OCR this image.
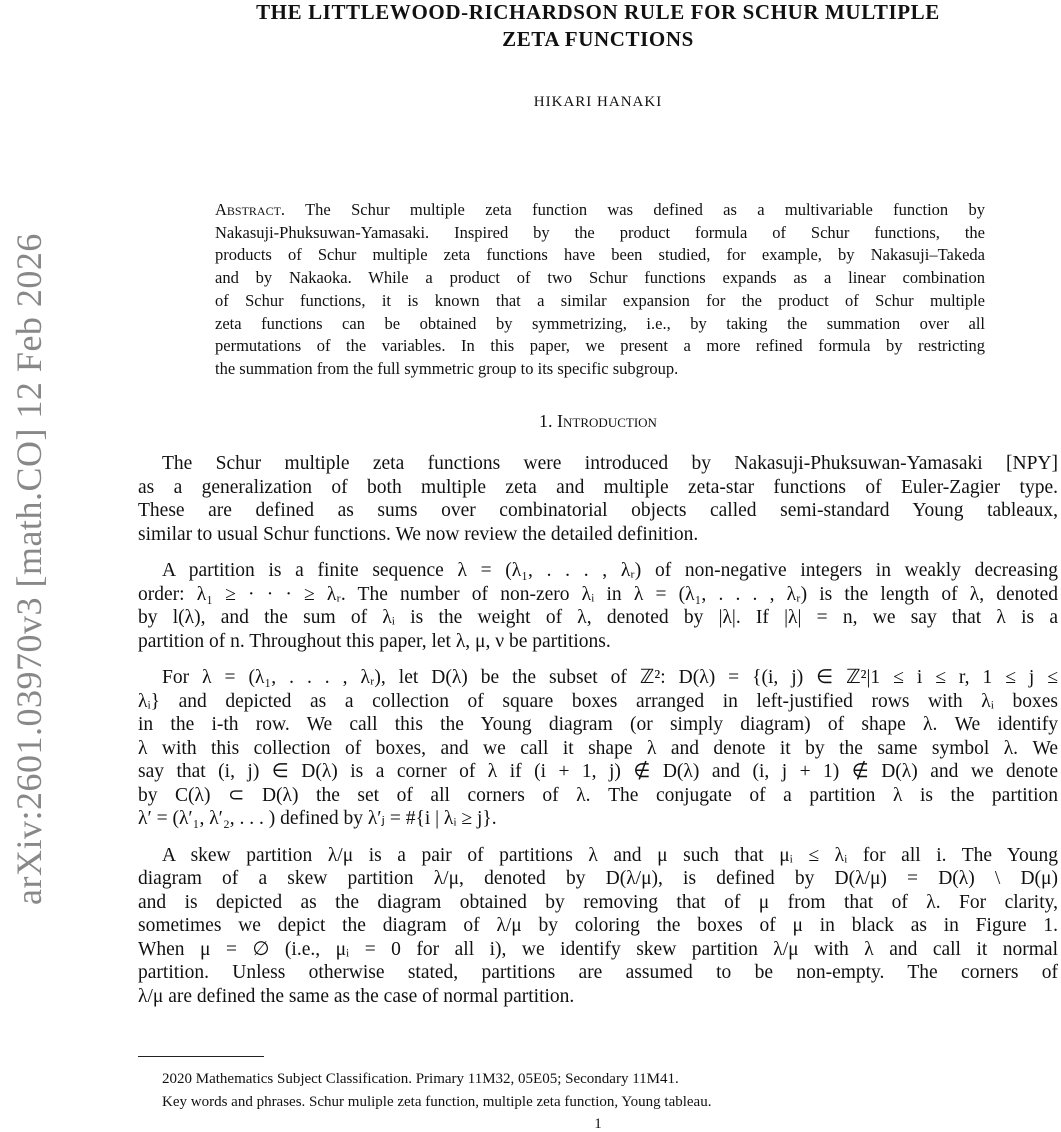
arXiv:2601.03970v3 [math.CO] 12 Feb 2026
THE LITTLEWOOD-RICHARDSON RULE FOR SCHUR MULTIPLE
ZETA FUNCTIONS
HIKARI HANAKI
Abstract. The Schur multiple zeta function was defined as a multivariable function by
Nakasuji-Phuksuwan-Yamasaki. Inspired by the product formula of Schur functions, the
products of Schur multiple zeta functions have been studied, for example, by Nakasuji–Takeda
and by Nakaoka. While a product of two Schur functions expands as a linear combination
of Schur functions, it is known that a similar expansion for the product of Schur multiple
zeta functions can be obtained by symmetrizing, i.e., by taking the summation over all
permutations of the variables. In this paper, we present a more refined formula by restricting
the summation from the full symmetric group to its specific subgroup.
1. Introduction
The Schur multiple zeta functions were introduced by Nakasuji-Phuksuwan-Yamasaki [NPY]
as a generalization of both multiple zeta and multiple zeta-star functions of Euler-Zagier type.
These are defined as sums over combinatorial objects called semi-standard Young tableaux,
similar to usual Schur functions. We now review the detailed definition.
A partition is a finite sequence λ = (λ₁, . . . , λᵣ) of non-negative integers in weakly decreasing
order: λ₁ ≥ · · · ≥ λᵣ. The number of non-zero λᵢ in λ = (λ₁, . . . , λᵣ) is the length of λ, denoted
by l(λ), and the sum of λᵢ is the weight of λ, denoted by |λ|. If |λ| = n, we say that λ is a
partition of n. Throughout this paper, let λ, μ, ν be partitions.
For λ = (λ₁, . . . , λᵣ), let D(λ) be the subset of ℤ²: D(λ) = {(i, j) ∈ ℤ²|1 ≤ i ≤ r, 1 ≤ j ≤
λᵢ} and depicted as a collection of square boxes arranged in left-justified rows with λᵢ boxes
in the i-th row. We call this the Young diagram (or simply diagram) of shape λ. We identify
λ with this collection of boxes, and we call it shape λ and denote it by the same symbol λ. We
say that (i, j) ∈ D(λ) is a corner of λ if (i + 1, j) ∉ D(λ) and (i, j + 1) ∉ D(λ) and we denote
by C(λ) ⊂ D(λ) the set of all corners of λ. The conjugate of a partition λ is the partition
λ′ = (λ′₁, λ′₂, . . . ) defined by λ′ⱼ = #{i | λᵢ ≥ j}.
A skew partition λ/μ is a pair of partitions λ and μ such that μᵢ ≤ λᵢ for all i. The Young
diagram of a skew partition λ/μ, denoted by D(λ/μ), is defined by D(λ/μ) = D(λ) \ D(μ)
and is depicted as the diagram obtained by removing that of μ from that of λ. For clarity,
sometimes we depict the diagram of λ/μ by coloring the boxes of μ in black as in Figure 1.
When μ = ∅ (i.e., μᵢ = 0 for all i), we identify skew partition λ/μ with λ and call it normal
partition. Unless otherwise stated, partitions are assumed to be non-empty. The corners of
λ/μ are defined the same as the case of normal partition.
2020 Mathematics Subject Classification. Primary 11M32, 05E05; Secondary 11M41.
Key words and phrases. Schur muliple zeta function, multiple zeta function, Young tableau.
1
